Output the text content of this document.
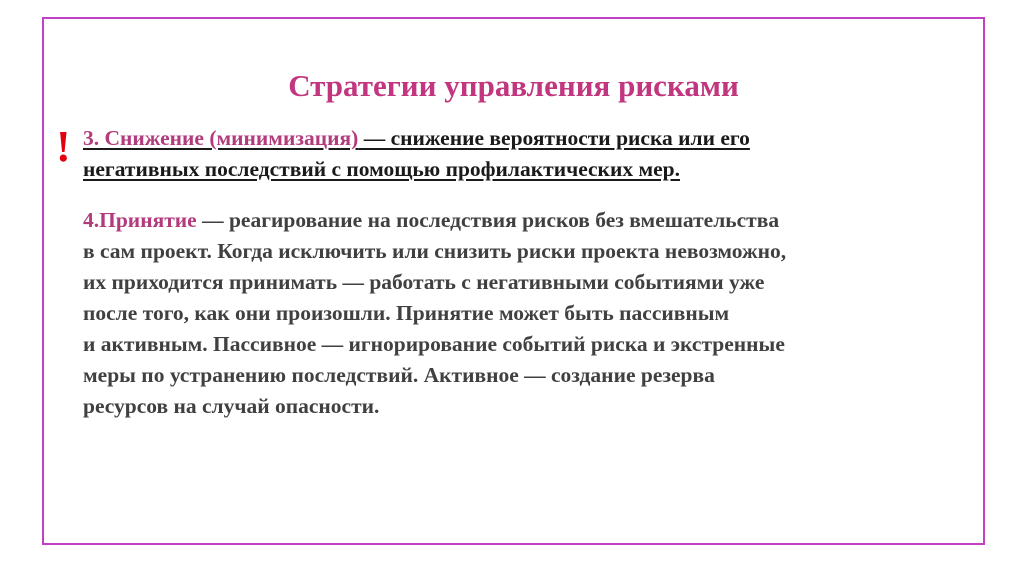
Стратегии управления рисками
! 3. Снижение (минимизация) — снижение вероятности риска или его
негативных последствий с помощью профилактических мер.
4.Принятие — реагирование на последствия рисков без вмешательства
в сам проект. Когда исключить или снизить риски проекта невозможно,
их приходится принимать — работать с негативными событиями уже
после того, как они произошли. Принятие может быть пассивным
и активным. Пассивное — игнорирование событий риска и экстренные
меры по устранению последствий. Активное — создание резерва
ресурсов на случай опасности.
